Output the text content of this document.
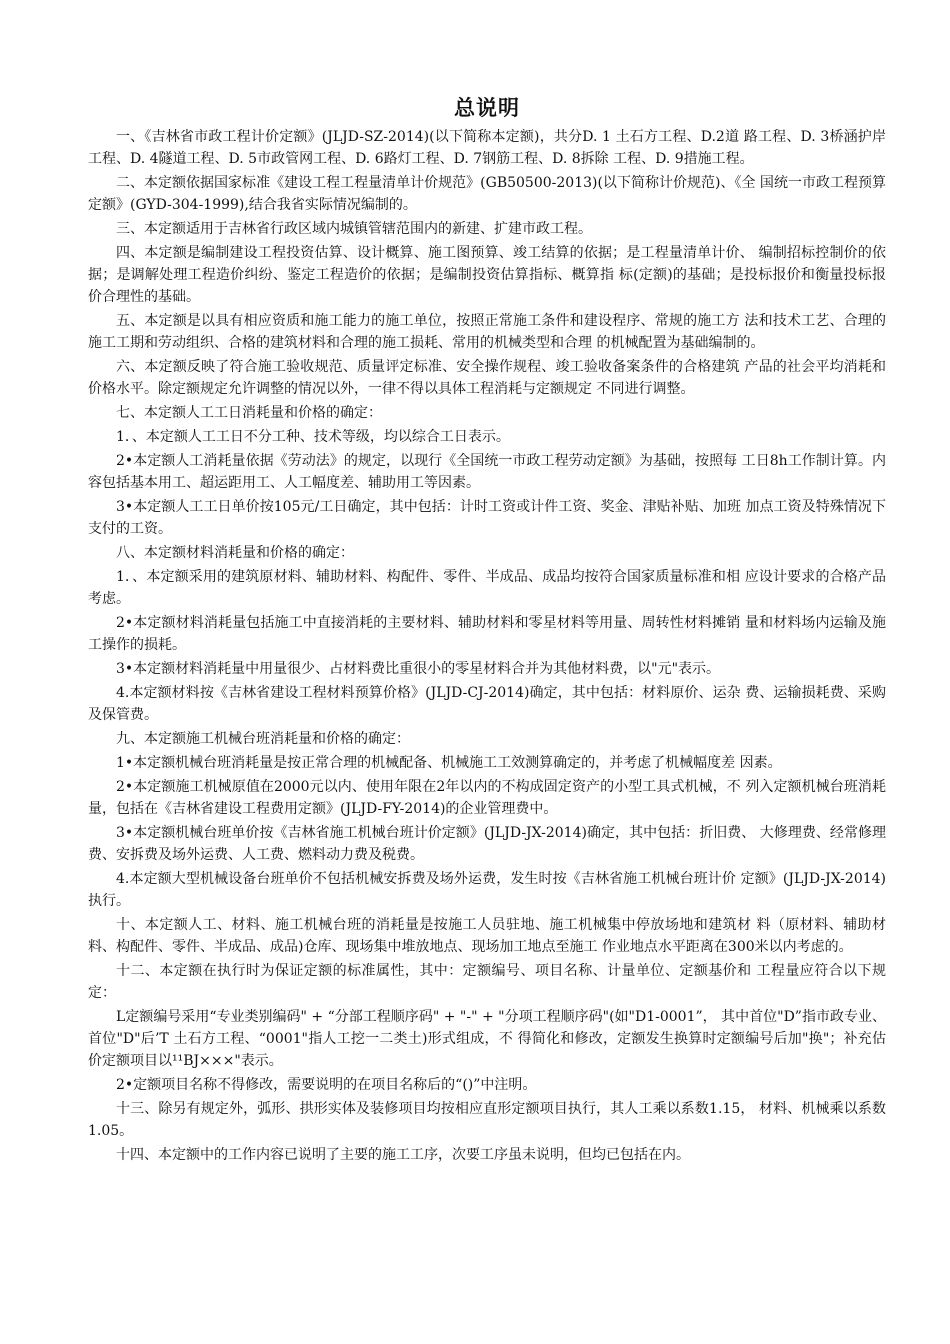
总说明

一、《吉林省市政工程计价定额》(JLJD-SZ-2014)(以下简称本定额)，共分D. 1 土石方工程、D.2道 路工程、D. 3桥涵护岸工程、D. 4隧道工程、D. 5市政管网工程、D. 6路灯工程、D. 7钢筋工程、D. 8拆除 工程、D. 9措施工程。

二、本定额依据国家标准《建设工程工程量清单计价规范》(GB50500-2013)(以下简称计价规范)、《全 国统一市政工程预算定额》(GYD-304-1999),结合我省实际情况编制的。

三、本定额适用于吉林省行政区域内城镇管辖范围内的新建、扩建市政工程。

四、本定额是编制建设工程投资估算、设计概算、施工图预算、竣工结算的依据；是工程量清单计价、 编制招标控制价的依据；是调解处理工程造价纠纷、鉴定工程造价的依据；是编制投资估算指标、概算指 标(定额)的基础；是投标报价和衡量投标报价合理性的基础。

五、本定额是以具有相应资质和施工能力的施工单位，按照正常施工条件和建设程序、常规的施工方 法和技术工艺、合理的施工工期和劳动组织、合格的建筑材料和合理的施工损耗、常用的机械类型和合理 的机械配置为基础编制的。

六、本定额反映了符合施工验收规范、质量评定标准、安全操作规程、竣工验收备案条件的合格建筑 产品的社会平均消耗和价格水平。除定额规定允许调整的情况以外，一律不得以具体工程消耗与定额规定 不同进行调整。

七、本定额人工工日消耗量和价格的确定：

1．、本定额人工工日不分工种、技术等级，均以综合工日表示。

2•本定额人工消耗量依据《劳动法》的规定，以现行《全国统一市政工程劳动定额》为基础，按照每 工日8h工作制计算。内容包括基本用工、超运距用工、人工幅度差、辅助用工等因素。

3•本定额人工工日单价按105元/工日确定，其中包括：计时工资或计件工资、奖金、津贴补贴、加班 加点工资及特殊情况下支付的工资。

八、本定额材料消耗量和价格的确定：

1．、本定额采用的建筑原材料、辅助材料、构配件、零件、半成品、成品均按符合国家质量标准和相 应设计要求的合格产品考虑。

2•本定额材料消耗量包括施工中直接消耗的主要材料、辅助材料和零星材料等用量、周转性材料摊销 量和材料场内运输及施工操作的损耗。

3•本定额材料消耗量中用量很少、占材料费比重很小的零星材料合并为其他材料费，以"元"表示。

4.本定额材料按《吉林省建设工程材料预算价格》(JLJD-CJ-2014)确定，其中包括：材料原价、运杂 费、运输损耗费、采购及保管费。

九、本定额施工机械台班消耗量和价格的确定：

1•本定额机械台班消耗量是按正常合理的机械配备、机械施工工效测算确定的，并考虑了机械幅度差 因素。

2•本定额施工机械原值在2000元以内、使用年限在2年以内的不构成固定资产的小型工具式机械，不 列入定额机械台班消耗量，包括在《吉林省建设工程费用定额》(JLJD-FY-2014)的企业管理费中。

3•本定额机械台班单价按《吉林省施工机械台班计价定额》(JLJD-JX-2014)确定，其中包括：折旧费、 大修理费、经常修理费、安拆费及场外运费、人工费、燃料动力费及税费。

4.本定额大型机械设备台班单价不包括机械安拆费及场外运费，发生时按《吉林省施工机械台班计价 定额》(JLJD-JX-2014)执行。

十、本定额人工、材料、施工机械台班的消耗量是按施工人员驻地、施工机械集中停放场地和建筑材 料（原材料、辅助材料、构配件、零件、半成品、成品)仓库、现场集中堆放地点、现场加工地点至施工 作业地点水平距离在300米以内考虑的。

十二、本定额在执行时为保证定额的标准属性，其中：定额编号、项目名称、计量单位、定额基价和 工程量应符合以下规定：

L定额编号采用“专业类别编码" + “分部工程顺序码" + "-" + "分项工程顺序码"(如"D1-0001”， 其中首位"D”指市政专业、首位"D"后’T 土石方工程、“0001"指人工挖一二类土)形式组成，不 得简化和修改，定额发生换算时定额编号后加"换"；补充估价定额项目以¹¹BJ×××"表示。

2•定额项目名称不得修改，需要说明的在项目名称后的“()”中注明。

十三、除另有规定外，弧形、拱形实体及装修项目均按相应直形定额项目执行，其人工乘以系数1.15， 材料、机械乘以系数1.05。

十四、本定额中的工作内容已说明了主要的施工工序，次要工序虽未说明，但均已包括在内。
